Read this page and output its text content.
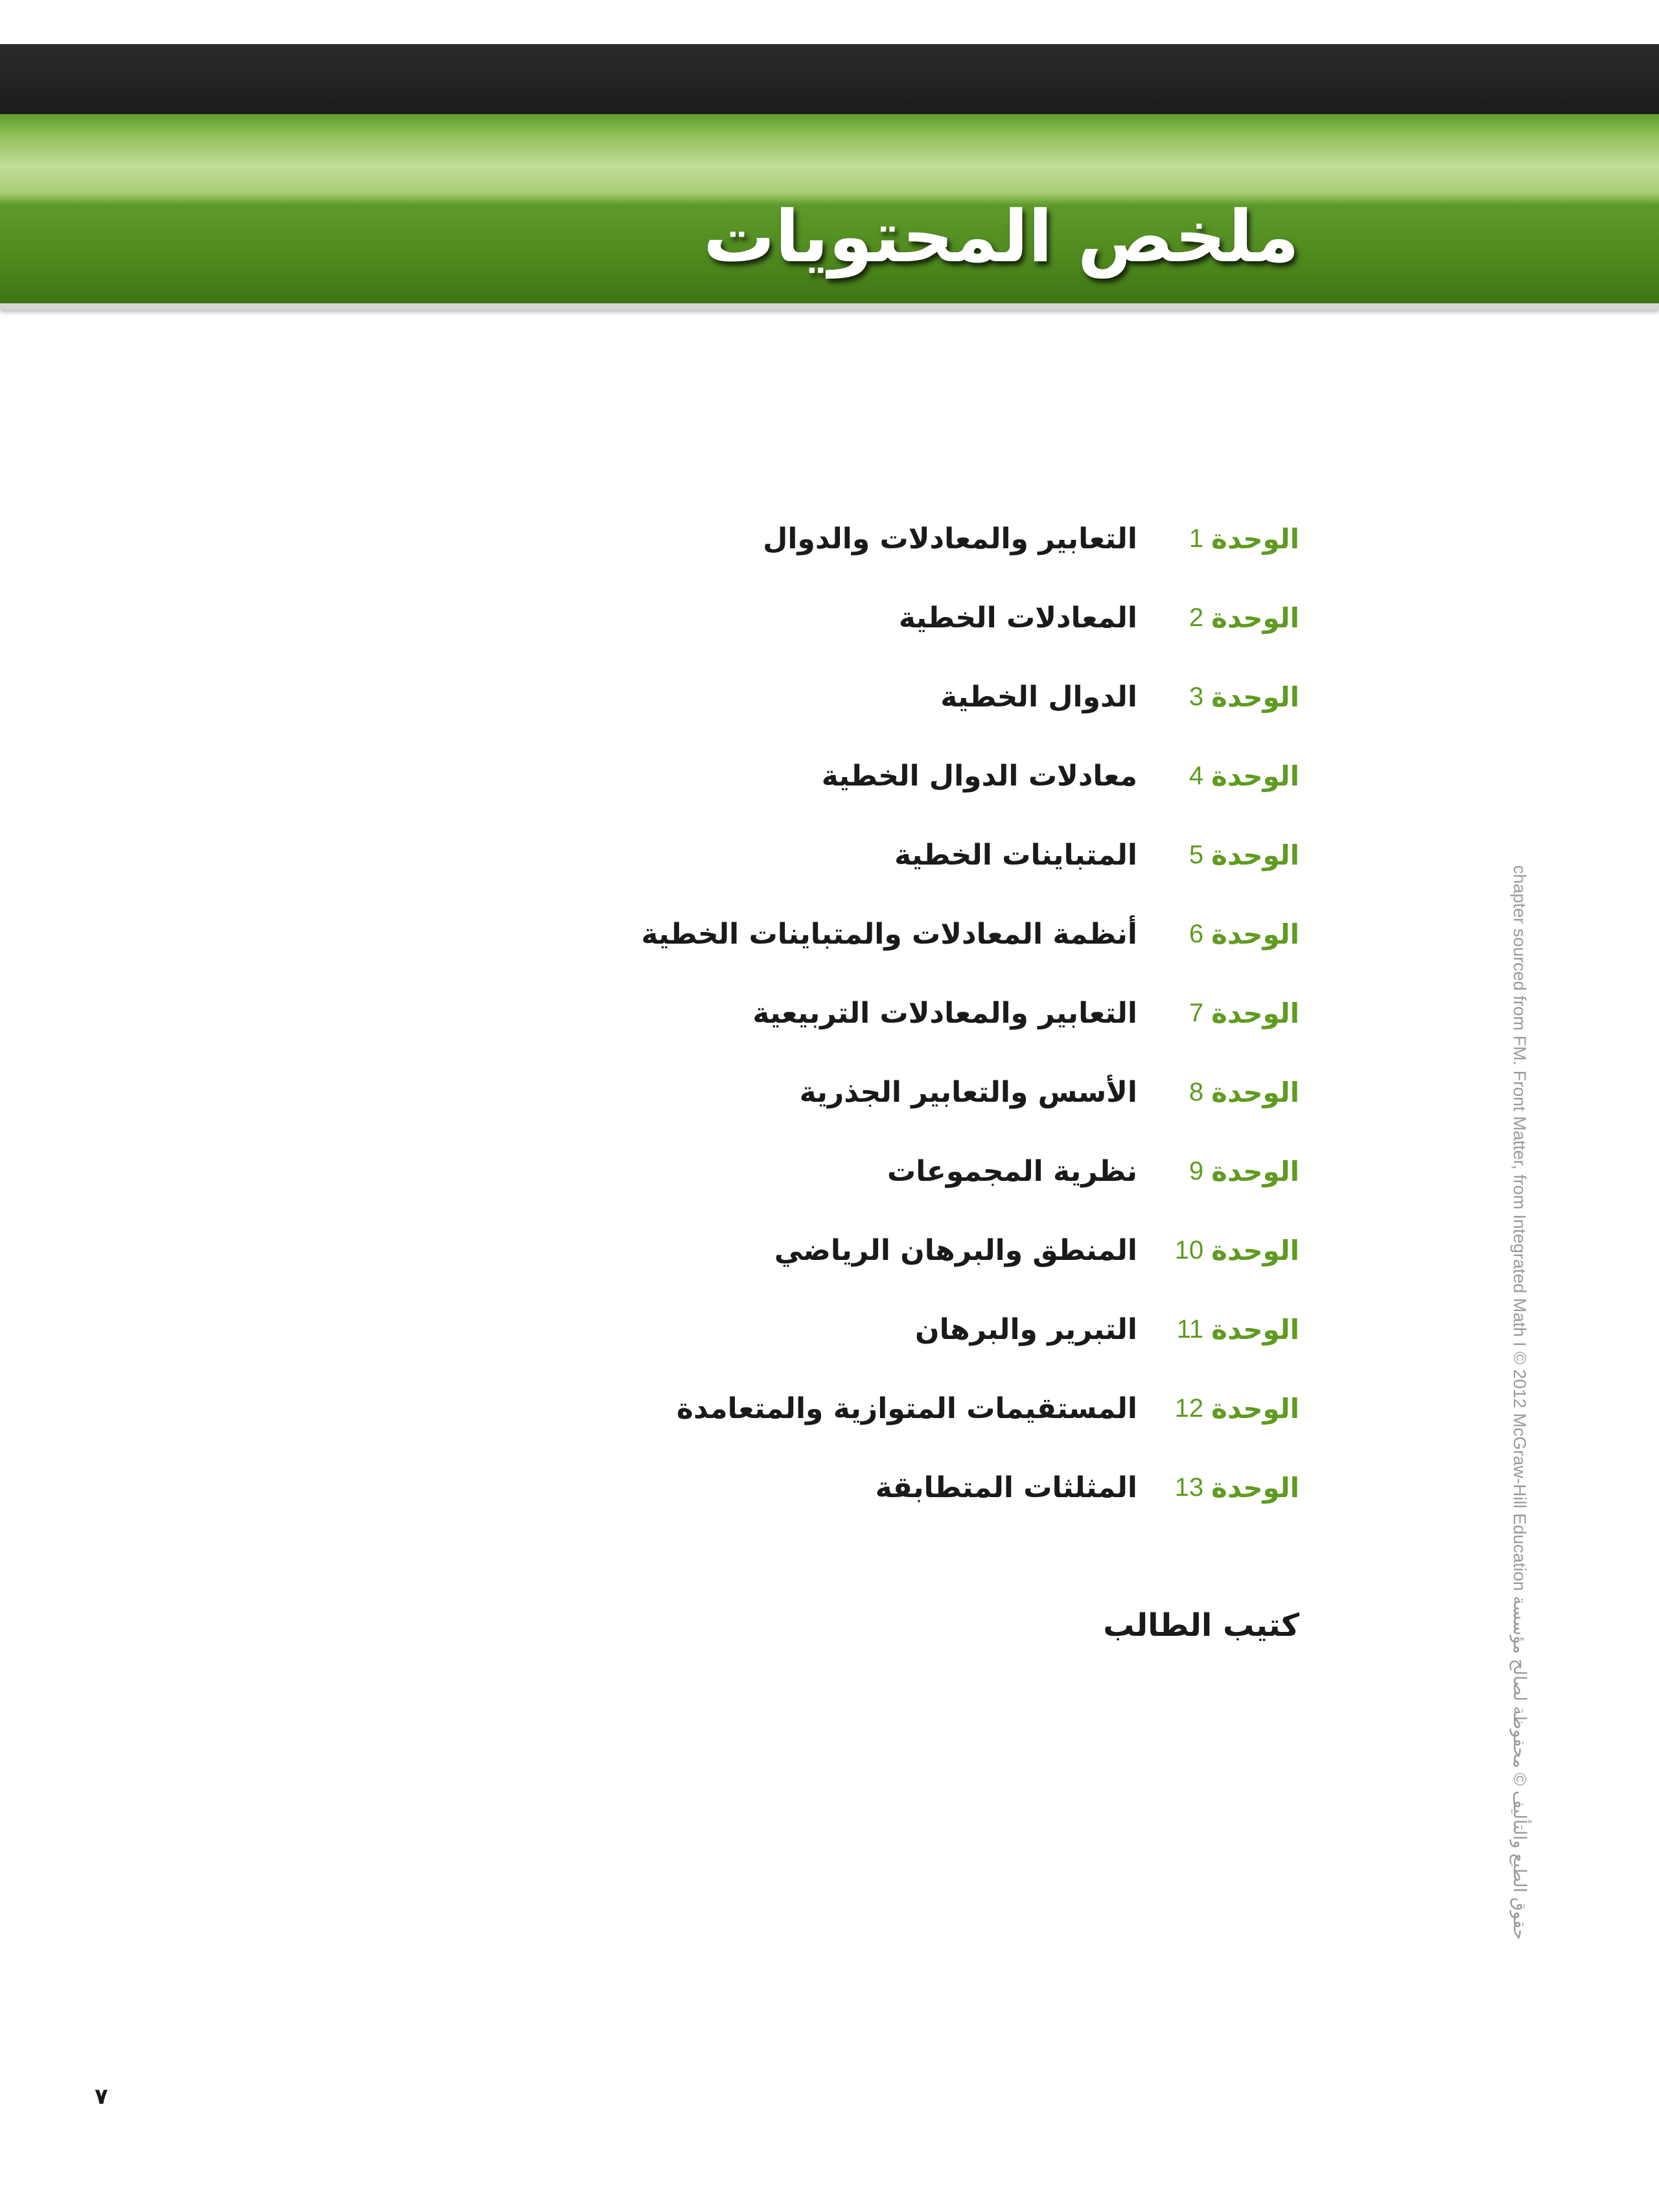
ملخص المحتويات
الوحدة
1
التعابير والمعادلات والدوال
الوحدة
2
المعادلات الخطية
الوحدة
3
الدوال الخطية
الوحدة
4
معادلات الدوال الخطية
الوحدة
5
المتباينات الخطية
الوحدة
6
أنظمة المعادلات والمتباينات الخطية
الوحدة
7
التعابير والمعادلات التربيعية
الوحدة
8
الأسس والتعابير الجذرية
الوحدة
9
نظرية المجموعات
الوحدة
10
المنطق والبرهان الرياضي
الوحدة
11
التبرير والبرهان
الوحدة
12
المستقيمات المتوازية والمتعامدة
الوحدة
13
المثلثات المتطابقة
كتيب الطالب
chapter sourced from FM. Front Matter, from Integrated Math I © 2012 McGraw-Hill Education حقوق الطبع والتأليف © محفوظة لصالح مؤسسة
٧
